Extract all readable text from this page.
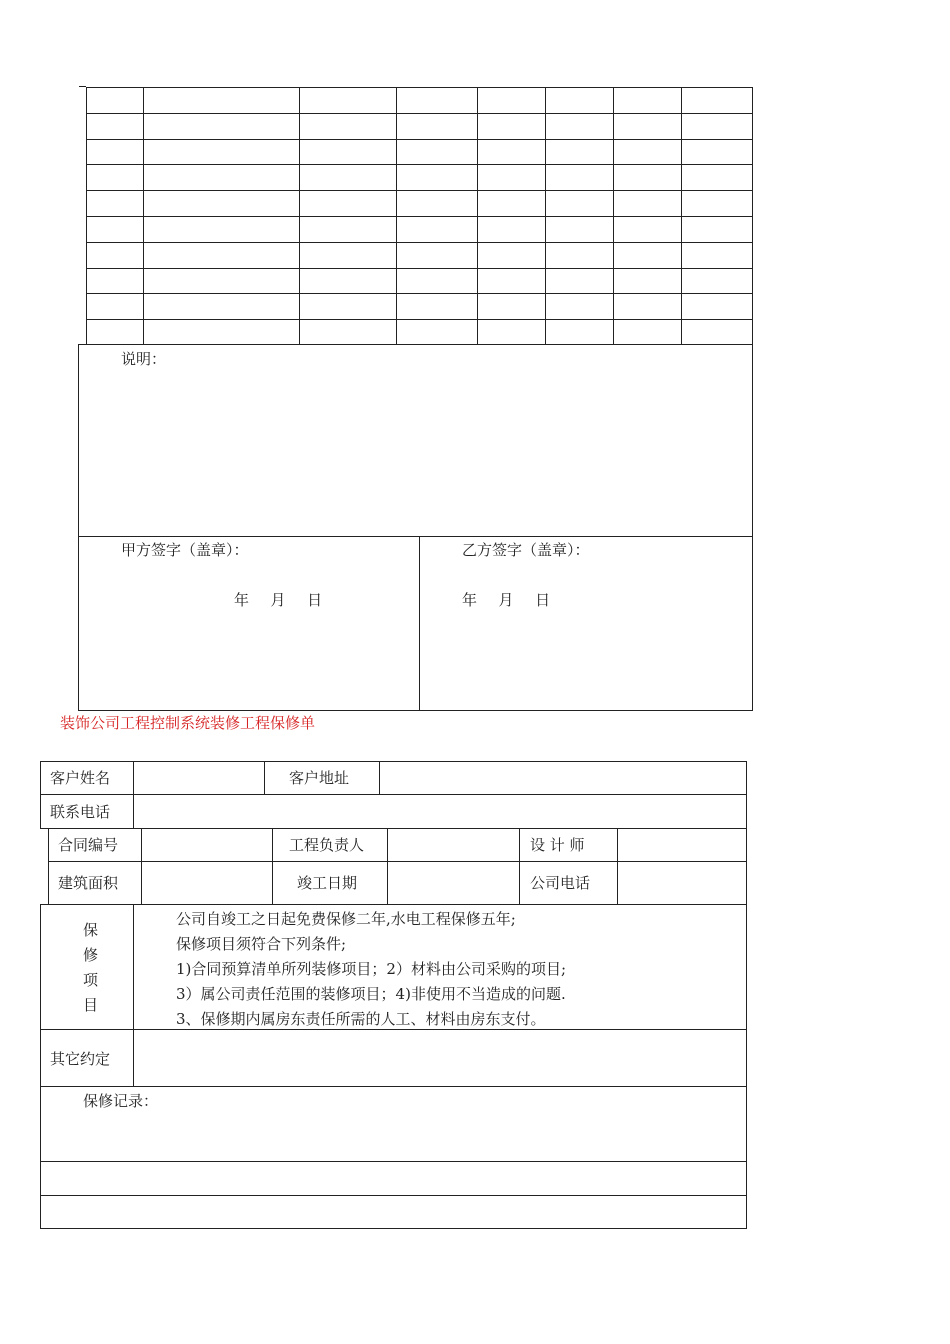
说明：
甲方签字（盖章）：
年  月  日
乙方签字（盖章）：
年  月  日
装饰公司工程控制系统装修工程保修单
客户姓名	客户地址
联系电话
合同编号	工程负责人	设 计 师
建筑面积	竣工日期	公司电话
保
修
项
目
公司自竣工之日起免费保修二年,水电工程保修五年;
保修项目须符合下列条件;
1)合同预算清单所列装修项目；2）材料由公司采购的项目;
3）属公司责任范围的装修项目；4)非使用不当造成的问题.
3、保修期内属房东责任所需的人工、材料由房东支付。
其它约定
保修记录：
